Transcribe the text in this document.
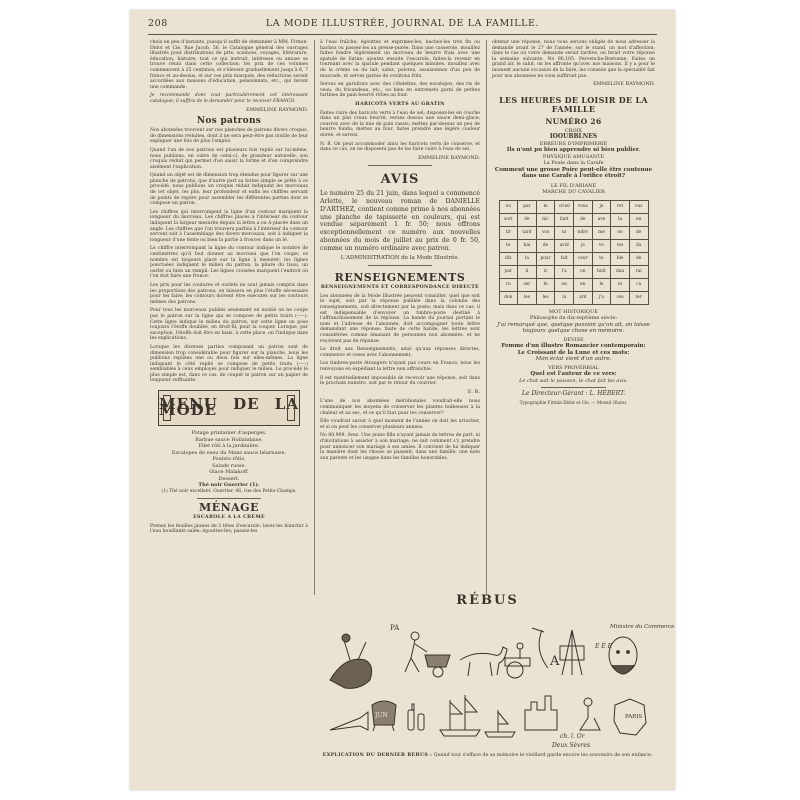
208	LA MODE ILLUSTRÉE, JOURNAL DE LA FAMILLE.

choix en peu d'instants, puisqu'il suffit de demander à MM. Firmin-Didot et Cie, Rue Jacob, 56, le Catalogue général des ouvrages illustrés pour distributions de prix: sciences, voyages, littérature, éducation, histoire; tout ce qui instruit, intéresse ou amuse se trouve réuni dans cette collection; les prix de ces volumes commencent à 25 centimes, et s'élèvent graduellement jusqu'à 6, 7 francs et au-dessus, et sur ces prix marqués, des réductions seront accordées aux maisons d'éducation, pensionnats, etc., qui feront une commande.

Je recommande donc tout particulièrement cet intéressant catalogue; il suffira de le demander pour le recevoir FRANCO.

EMMELINE RAYMOND.
Nos patrons

Nos abonnées trouvent sur nos planches de patrons divers croquis, de dimensions réduites, dont il ne sera peut-être pas inutile de leur expliquer une fois de plus l'emploi.

Quand l'un de nos patrons est plusieurs fois replié sur lui-même, nous publions, en outre de celui-ci, de grandeur naturelle, son croquis réduit qui permet d'en saisir la forme et d'en comprendre aisément l'explication.

Quand un objet est de dimension trop étendue pour figurer sur une planche de patrons, que d'autre part sa forme simple se prête à ce procédé, nous publions un croquis réduit indiquant les morceaux de cet objet, les plis, leur profondeur et enfin les chiffres servant de points de repère pour assembler les différentes parties dont se compose un patron.

Les chiffres qui interrompent la ligne d'un contour marquent la longueur du morceau. Les chiffres placés à l'intérieur du contour indiquent la largeur mesurée depuis la lettre a ou A placée dans un angle. Les chiffres que l'on trouvera parfois à l'intérieur du contour servent soit à l'assemblage des divers morceaux, soit à indiquer la longueur d'une fente ou bien la partie à froncer dans un lé.

Le chiffre interrompant la ligne du contour indique le nombre de centimètres qu'il faut donner au morceau que l'on coupe; ce nombre est toujours placé sur la ligne à mesurer; les lignes ponctuées indiquent le milieu du patron, la pliure du tissu, un ourlet ou bien un rempli. Les lignes croisées marquent l'endroit où l'on doit faire une fronce.

Les prix pour les coutures et ourlets ne sont jamais compris dans les proportions des patrons; on laissera en plus l'étoffe nécessaire pour les faire; les contours doivent être exécutés sur les contours mêmes des patrons.

Pour tous les morceaux publiés seulement en moitié on ne coupe pas le patron sur la ligne qui se compose de petits traits (-----). Cette ligne indique le milieu du patron; sur cette ligne on pose toujours l'étoffe doublée, en droit-fil, pour la couper. Lorsque, par exception, l'étoffe doit être en biais, à cette place, on l'indique dans les explications.

Lorsque les diverses parties composant un patron sont de dimension trop considérable pour figurer sur la planche, nous les publions repliées une ou deux fois sur elles-mêmes. La ligne indiquant le côté replié se compose de petits traits (-----) semblables à ceux employés pour indiquer le milieu. Le procédé le plus simple est, dans ce cas, de coupér le patron sur un papier de longueur suffisante.

MENU DE LA MODE
Potage printanier d'asperges.
Barbue sauce Hollandaise.
Filet rôti à la jardinière.
Escalopes de veau du Mans sauce béarnaise.
Poulets rôtis.
Salade russe.
Glace Malakoff.
Dessert.
Thé noir Guerrier (1).
(1) Thé noir excellent, Guerrier, 46, rue des Petits-Champs.
MÉNAGE
ESCAROLE A LA CRÈME

Prenez les feuilles jaunes de 3 têtes d'escarole; lavez-les blanchir à l'eau bouillante salée; égouttez-les; passez-les

à l'eau fraîche; égouttez et exprimez-les; hachez-les très fin ou hachez ou passez-les au presse-purée. Dans une casserole, mouillez faites fondre légèrement un morceau de beurre frais avec une spatule de farine; ajoutez ensuite l'escarole, faites-la revenir en tournant avec la spatule pendant quelques minutes, mouillez avec de la crème ou du lait; salez, poivrez, assaisonnez d'un peu de muscade, et servez garnie de croûtons frits.

Servez en garniture avec des côtelettes, des escalopes, des ris de veau, du fricandeau, etc., ou bien en entremets garni de petites tartines de pain beurré rôties au four.

HARICOTS VERTS AU GRATIN

Faites cuire des haricots verts à l'eau de sel; disposez-les en couche dans un plat creux beurré; versez dessus une sauce demi-glace; couvrez avec de la mie de pain rassis; mettez par-dessus un peu de beurre fondu; mettez au four, faites prendre une légère couleur dorée, et servez.

N. B. On peut accommoder ainsi les haricots verts de conserve, et dans ce cas, on ne disposera pas de les faire cuire à l'eau de sel.

EMMELINE RAYMOND.
AVIS

Le numéro 25 du 21 juin, dans lequel a commencé Arlette, le nouveau roman de DANIELLE D'ARTHEZ, contient comme prime à nos abonnées une planche de tapisserie en couleurs, qui est vendue séparément 1 fr. 50; nous offrons exceptionnellement ce numéro aux nouvelles abonnées du mois de juillet au prix de 0 fr. 50, comme un numéro ordinaire avec patron.

L'ADMINISTRATION de la Mode Illustrée.
RENSEIGNEMENTS
RENSEIGNEMENTS ET CORRESPONDANCE DIRECTE

Les abonnées de la Mode Illustrée peuvent consulter, quel que soit le sujet, soit par la réponse publiée dans la colonne des renseignements, soit directement par la poste; mais dans ce cas, il est indispensable d'envoyer un timbre-poste destiné à l'affranchissement de la réponse. La bande du journal portant le nom et l'adresse de l'abonnée, doit accompagner toute lettre demandant une réponse; faute de cette bande, les lettres sont considérées comme émanant de personnes non abonnées, et ne reçoivent pas de réponse.

Le droit aux Renseignements, ainsi qu'aux réponses directes, commence et cesse avec l'abonnement.

Les timbres-poste étrangers n'ayant pas cours en France, nous les renvoyons en expédiant la lettre non affranchie.

Il est matériellement impossible de recevoir une réponse, soit dans le prochain numéro, soit par le retour du courrier.

E. R.

L'une de nos abonnées méridionales voudrait-elle nous communiquer les moyens de conserver les plantes bulbeuses à la chaleur et au sec, et ce qu'il faut pour les conserver?

Elle voudrait savoir à quel moment de l'année on doit les arracher, et si on peut les conserver plusieurs années.

No 80,999. Avez. Une jeune fille n'ayant jamais de lettres de part, ni d'invitations à assister à son mariage, ne sait comment s'y prendre pour annoncer son mariage à ses amies. Il convient de lui indiquer la manière dont les choses se passent; dans une famille; une note aux parents et les usages dans les familles honorables.

obtenir une réponse, nous vous serions obligés de nous adresser la demande avant le 27 de l'année; sur le stand, un mot d'affection; dans le cas où votre demande serait tardive, on ferait votre réponse la semaine suivante. No 80,105. Pervenche-Bretonne. Faites un grand air, le salut, on les affronte qu'avec nos maisons. Il y a pour le moment aucune occasion de la faire, les conseils que la spécialité fait pour nos abonnées ne vous suffiront pas.

EMMELINE RAYMOND.
LES HEURES DE LOISIR DE LA FAMILLE
NUMÉRO 26
CROIX
IOOUBBLNES
ERREURS D'IMPRIMERIE
Ils n'ont pu bien apprendre ni bien publier.
PHYSIQUE AMUSANTE
La Poule dans la Carafe
Comment une grosse Poire peut-elle être contenue dans une Carafe à l'orifice étroit?
LE FIL D'ARIANE
MARCHE DU CAVALIER
ou	par	le	cruel	vous	je	ret	ous
sort	de	nic	fant	de	ave	la	en
tir	tard	vos	ni	ndre	me	en	de
te	bai	de	avid	je	vo	tes	da
dix	la	pour	fait	ceur	te	ble	de
par	li	ir	l'a	on	huit	dan	rai
ru	ser	fe	on	en	le	to	ca
don	les	les	la	ard	j'a	ces	ter
MOT HISTORIQUE
Philosophe du dix-septième siècle:
J'ai remarqué que, quelque passion qu'on ait, on laisse toujours quelque chose en mémoire.
DEVISE
Femme d'un illustre Romancier contemporain:
Le Croissant de la Lune et ces mots:
Mon éclat vient d'un autre.
VERS PROVERBIAL
Quel est l'auteur de ce vers:
Le chat sait le poisson, le chat fait les avis.
Le Directeur-Gérant : L. HÉBERT.
Typographie Firmin-Didot et Cie. — Mesnil (Eure).
RÉBUS
PA
A
Ministre du Commerce
E É E
JUN	PARIS
ch. l. Or
Deux Sèvres
EXPLICATION DU DERNIER RÉBUS : Quand tout s'efface de sa mémoire le vieillard garde encore les souvenirs de son enfance.
